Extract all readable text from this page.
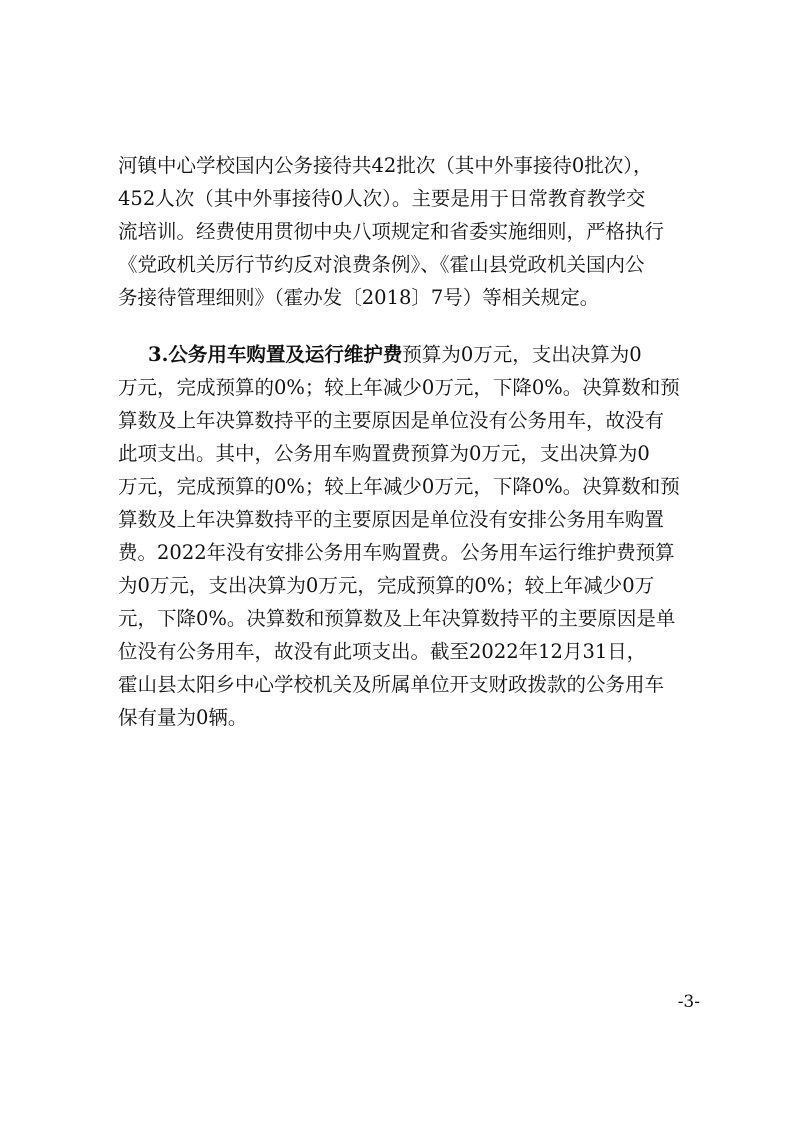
河镇中心学校国内公务接待共42批次（其中外事接待0批次），
452人次（其中外事接待0人次）。主要是用于日常教育教学交
流培训。经费使用贯彻中央八项规定和省委实施细则，严格执行
《党政机关厉行节约反对浪费条例》、《霍山县党政机关国内公
务接待管理细则》（霍办发〔2018〕7号）等相关规定。
3.公务用车购置及运行维护费预算为0万元，支出决算为0
万元，完成预算的0%；较上年减少0万元，下降0%。决算数和预
算数及上年决算数持平的主要原因是单位没有公务用车，故没有
此项支出。其中，公务用车购置费预算为0万元，支出决算为0
万元，完成预算的0%；较上年减少0万元，下降0%。决算数和预
算数及上年决算数持平的主要原因是单位没有安排公务用车购置
费。2022年没有安排公务用车购置费。公务用车运行维护费预算
为0万元，支出决算为0万元，完成预算的0%；较上年减少0万
元，下降0%。决算数和预算数及上年决算数持平的主要原因是单
位没有公务用车，故没有此项支出。截至2022年12月31日，
霍山县太阳乡中心学校机关及所属单位开支财政拨款的公务用车
保有量为0辆。
-3-
